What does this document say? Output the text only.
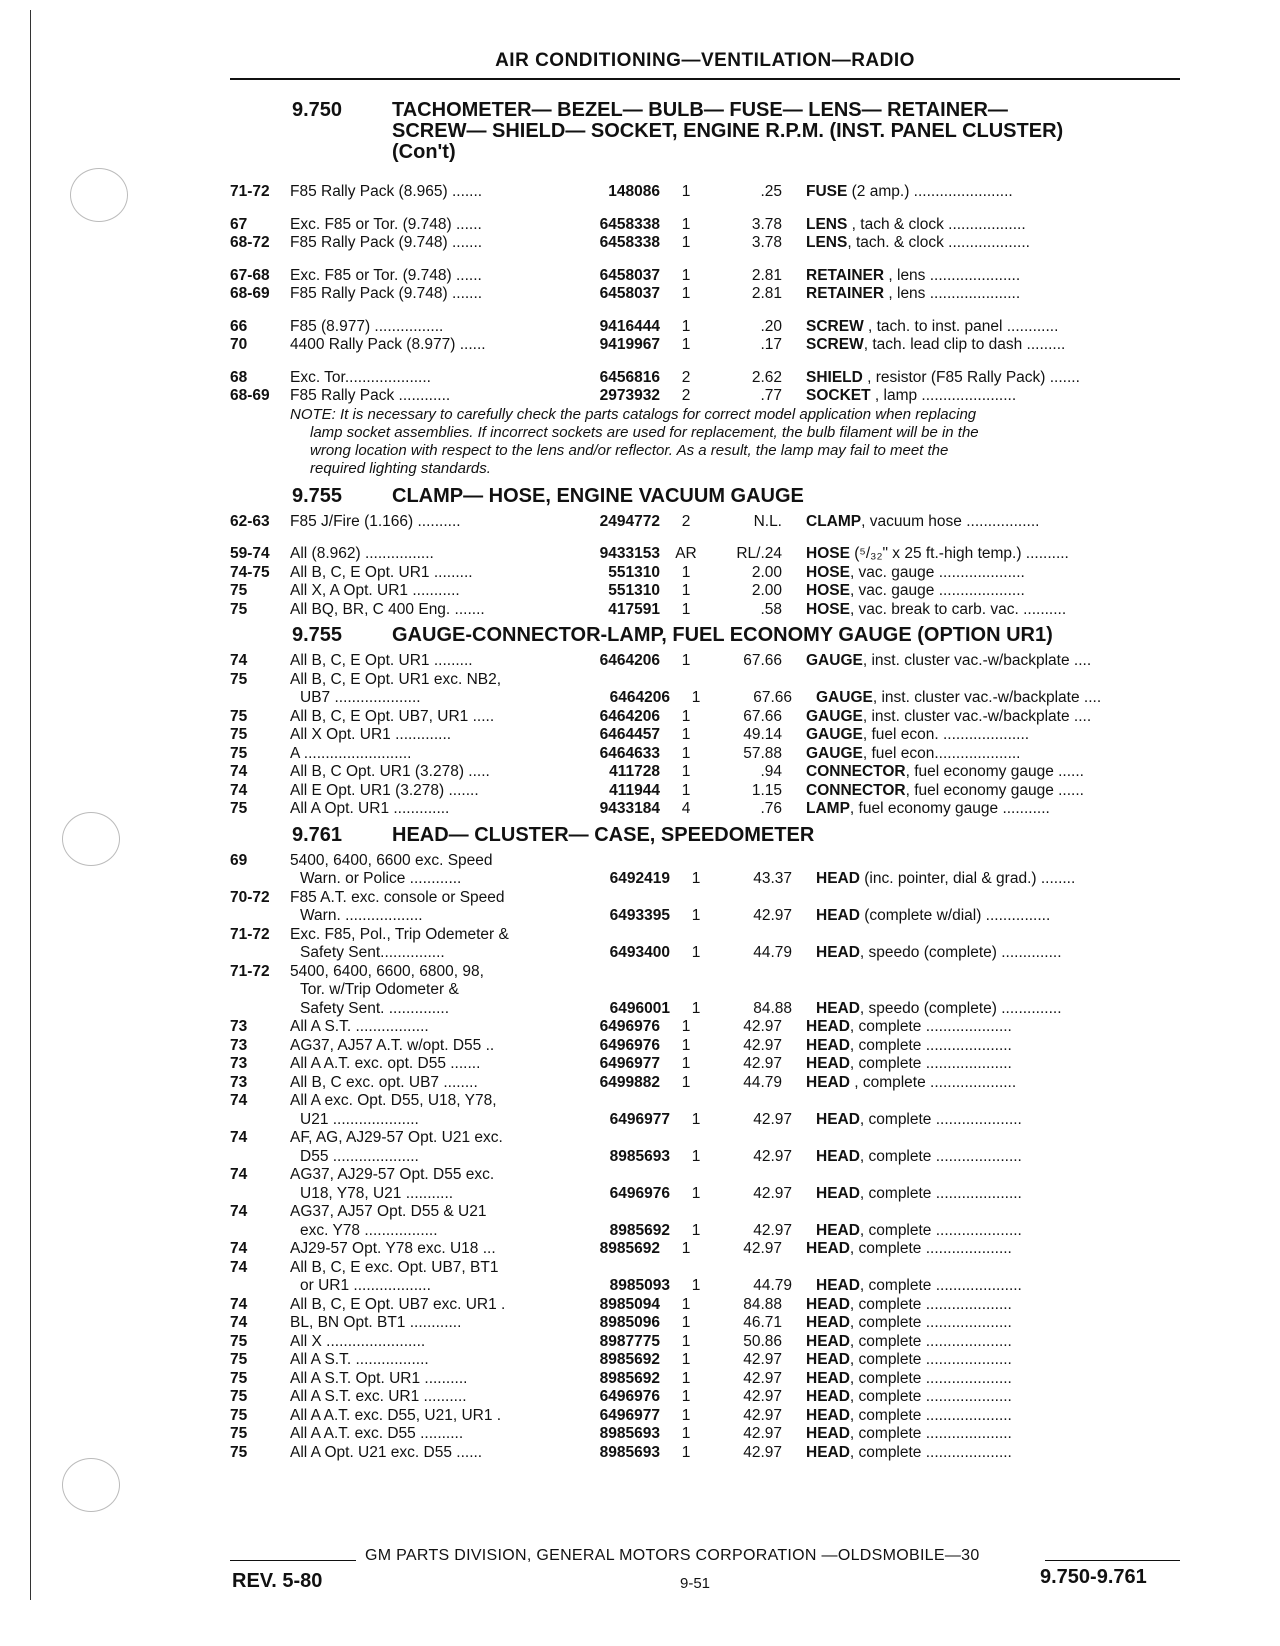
AIR CONDITIONING—VENTILATION—RADIO
9.750	TACHOMETER— BEZEL— BULB— FUSE— LENS— RETAINER—
SCREW— SHIELD— SOCKET, ENGINE R.P.M. (INST. PANEL CLUSTER)
(Con't)
71-72	F85 Rally Pack (8.965) .......	148086	1	.25	FUSE (2 amp.) .......................
67	Exc. F85 or Tor. (9.748) ......	6458338	1	3.78	LENS , tach & clock ..................
68-72	F85 Rally Pack (9.748) .......	6458338	1	3.78	LENS, tach. & clock ...................
67-68	Exc. F85 or Tor. (9.748) ......	6458037	1	2.81	RETAINER , lens .....................
68-69	F85 Rally Pack (9.748) .......	6458037	1	2.81	RETAINER , lens .....................
66	F85 (8.977) ................	9416444	1	.20	SCREW , tach. to inst. panel ............
70	4400 Rally Pack (8.977) ......	9419967	1	.17	SCREW, tach. lead clip to dash .........
68	Exc. Tor....................	6456816	2	2.62	SHIELD , resistor (F85 Rally Pack) .......
68-69	F85 Rally Pack ............	2973932	2	.77	SOCKET , lamp ......................
NOTE: It is necessary to carefully check the parts catalogs for correct model application when replacing
lamp socket assemblies. If incorrect sockets are used for replacement, the bulb filament will be in the
wrong location with respect to the lens and/or reflector. As a result, the lamp may fail to meet the
required lighting standards.
9.755	CLAMP— HOSE, ENGINE VACUUM GAUGE
62-63	F85 J/Fire (1.166) ..........	2494772	2	N.L.	CLAMP, vacuum hose .................
59-74	All (8.962) ................	9433153 AR	RL/.24	HOSE (⁵/₃₂" x 25 ft.-high temp.) ..........
74-75	All B, C, E Opt. UR1 .........	551310	1	2.00	HOSE, vac. gauge ....................
75	All X, A Opt. UR1 ...........	551310	1	2.00	HOSE, vac. gauge ....................
75	All BQ, BR, C 400 Eng. .......	417591	1	.58	HOSE, vac. break to carb. vac. ..........
9.755	GAUGE-CONNECTOR-LAMP, FUEL ECONOMY GAUGE (OPTION UR1)
74	All B, C, E Opt. UR1 .........	6464206	1	67.66	GAUGE, inst. cluster vac.-w/backplate ....
75	All B, C, E Opt. UR1 exc. NB2,
UB7 ....................	6464206	1	67.66	GAUGE, inst. cluster vac.-w/backplate ....
75	All B, C, E Opt. UB7, UR1 .....	6464206	1	67.66	GAUGE, inst. cluster vac.-w/backplate ....
75	All X Opt. UR1 .............	6464457	1	49.14	GAUGE, fuel econ. ....................
75	A .........................	6464633	1	57.88	GAUGE, fuel econ....................
74	All B, C Opt. UR1 (3.278) .....	411728	1	.94	CONNECTOR, fuel economy gauge ......
74	All E Opt. UR1 (3.278) .......	411944	1	1.15	CONNECTOR, fuel economy gauge ......
75	All A Opt. UR1 .............	9433184	4	.76	LAMP, fuel economy gauge ...........
9.761	HEAD— CLUSTER— CASE, SPEEDOMETER
69	5400, 6400, 6600 exc. Speed
Warn. or Police ............	6492419	1	43.37	HEAD (inc. pointer, dial & grad.) ........
70-72	F85 A.T. exc. console or Speed
Warn. ..................	6493395	1	42.97	HEAD (complete w/dial) ...............
71-72	Exc. F85, Pol., Trip Odemeter &
Safety Sent...............	6493400	1	44.79	HEAD, speedo (complete) ..............
71-72	5400, 6400, 6600, 6800, 98,
Tor. w/Trip Odometer &
Safety Sent. ..............	6496001	1	84.88	HEAD, speedo (complete) ..............
73	All A S.T. .................	6496976	1	42.97	HEAD, complete ....................
73	AG37, AJ57 A.T. w/opt. D55 ..	6496976	1	42.97	HEAD, complete ....................
73	All A A.T. exc. opt. D55 .......	6496977	1	42.97	HEAD, complete ....................
73	All B, C exc. opt. UB7 ........	6499882	1	44.79	HEAD , complete ....................
74	All A exc. Opt. D55, U18, Y78,
U21 ....................	6496977	1	42.97	HEAD, complete ....................
74	AF, AG, AJ29-57 Opt. U21 exc.
D55 ....................	8985693	1	42.97	HEAD, complete ....................
74	AG37, AJ29-57 Opt. D55 exc.
U18, Y78, U21 ...........	6496976	1	42.97	HEAD, complete ....................
74	AG37, AJ57 Opt. D55 & U21
exc. Y78 .................	8985692	1	42.97	HEAD, complete ....................
74	AJ29-57 Opt. Y78 exc. U18 ...	8985692	1	42.97	HEAD, complete ....................
74	All B, C, E exc. Opt. UB7, BT1
or UR1 ..................	8985093	1	44.79	HEAD, complete ....................
74	All B, C, E Opt. UB7 exc. UR1 .	8985094	1	84.88	HEAD, complete ....................
74	BL, BN Opt. BT1 ............	8985096	1	46.71	HEAD, complete ....................
75	All X .......................	8987775	1	50.86	HEAD, complete ....................
75	All A S.T. .................	8985692	1	42.97	HEAD, complete ....................
75	All A S.T. Opt. UR1 ..........	8985692	1	42.97	HEAD, complete ....................
75	All A S.T. exc. UR1 ..........	6496976	1	42.97	HEAD, complete ....................
75	All A A.T. exc. D55, U21, UR1 .	6496977	1	42.97	HEAD, complete ....................
75	All A A.T. exc. D55 ..........	8985693	1	42.97	HEAD, complete ....................
75	All A Opt. U21 exc. D55 ......	8985693	1	42.97	HEAD, complete ....................
GM PARTS DIVISION, GENERAL MOTORS CORPORATION —OLDSMOBILE—30
REV. 5-80	9-51	9.750-9.761
